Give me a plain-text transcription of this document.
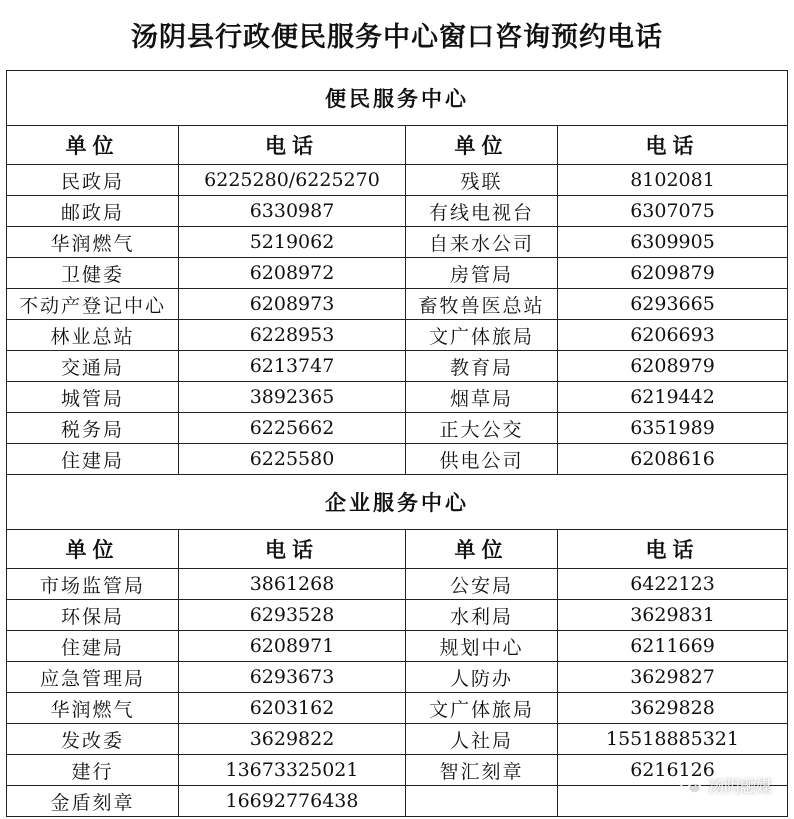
汤阴县行政便民服务中心窗口咨询预约电话
便民服务中心			
单位	电话	单位	电话
民政局	6225280/6225270	残联	8102081
邮政局	6330987	有线电视台	6307075
华润燃气	5219062	自来水公司	6309905
卫健委	6208972	房管局	6209879
不动产登记中心	6208973	畜牧兽医总站	6293665
林业总站	6228953	文广体旅局	6206693
交通局	6213747	教育局	6208979
城管局	3892365	烟草局	6219442
税务局	6225662	正大公交	6351989
住建局	6225580	供电公司	6208616
企业服务中心			
单位	电话	单位	电话
市场监管局	3861268	公安局	6422123
环保局	6293528	水利局	3629831
住建局	6208971	规划中心	6211669
应急管理局	6293673	人防办	3629827
华润燃气	6203162	文广体旅局	3629828
发改委	3629822	人社局	15518885321
建行	13673325021	智汇刻章	6216126
金盾刻章	16692776438		
汤阴融媒
